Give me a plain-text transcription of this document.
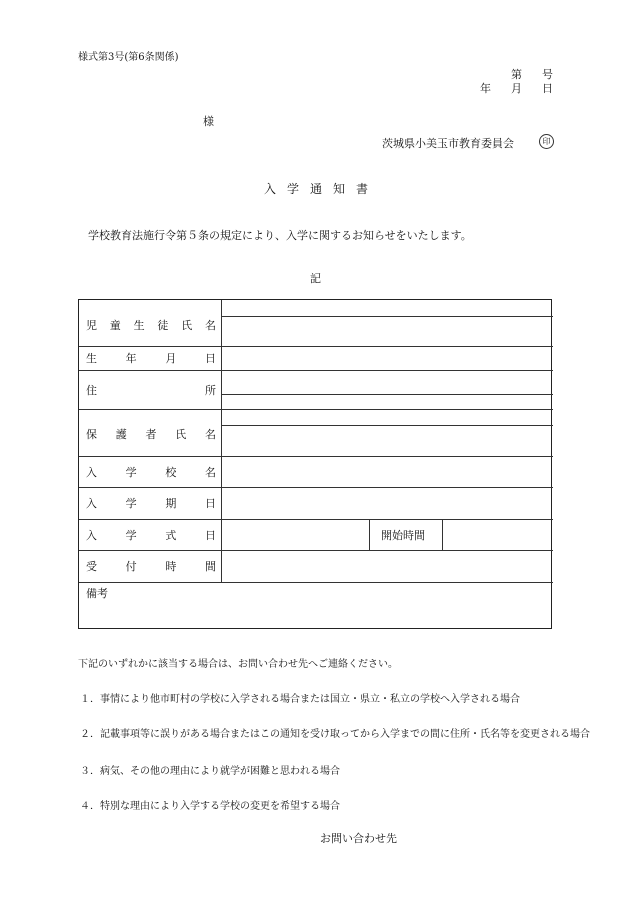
様式第3号(第6条関係)
第 号
年 月 日
様
茨城県小美玉市教育委員会	印
入 学 通 知 書
学校教育法施行令第５条の規定により、入学に関するお知らせをいたします。
記
児 童 生 徒 氏 名
生	年	月	日
住	所
保 護 者 氏 名
入	学	校	名
入	学	期	日
入	学	式	日	開始時間
受	付	時	間
備考
下記のいずれかに該当する場合は、お問い合わせ先へご連絡ください。
１．事情により他市町村の学校に入学される場合または国立・県立・私立の学校へ入学される場合
２．記載事項等に誤りがある場合またはこの通知を受け取ってから入学までの間に住所・氏名等を変更される場合
３．病気、その他の理由により就学が困難と思われる場合
４．特別な理由により入学する学校の変更を希望する場合
お問い合わせ先
